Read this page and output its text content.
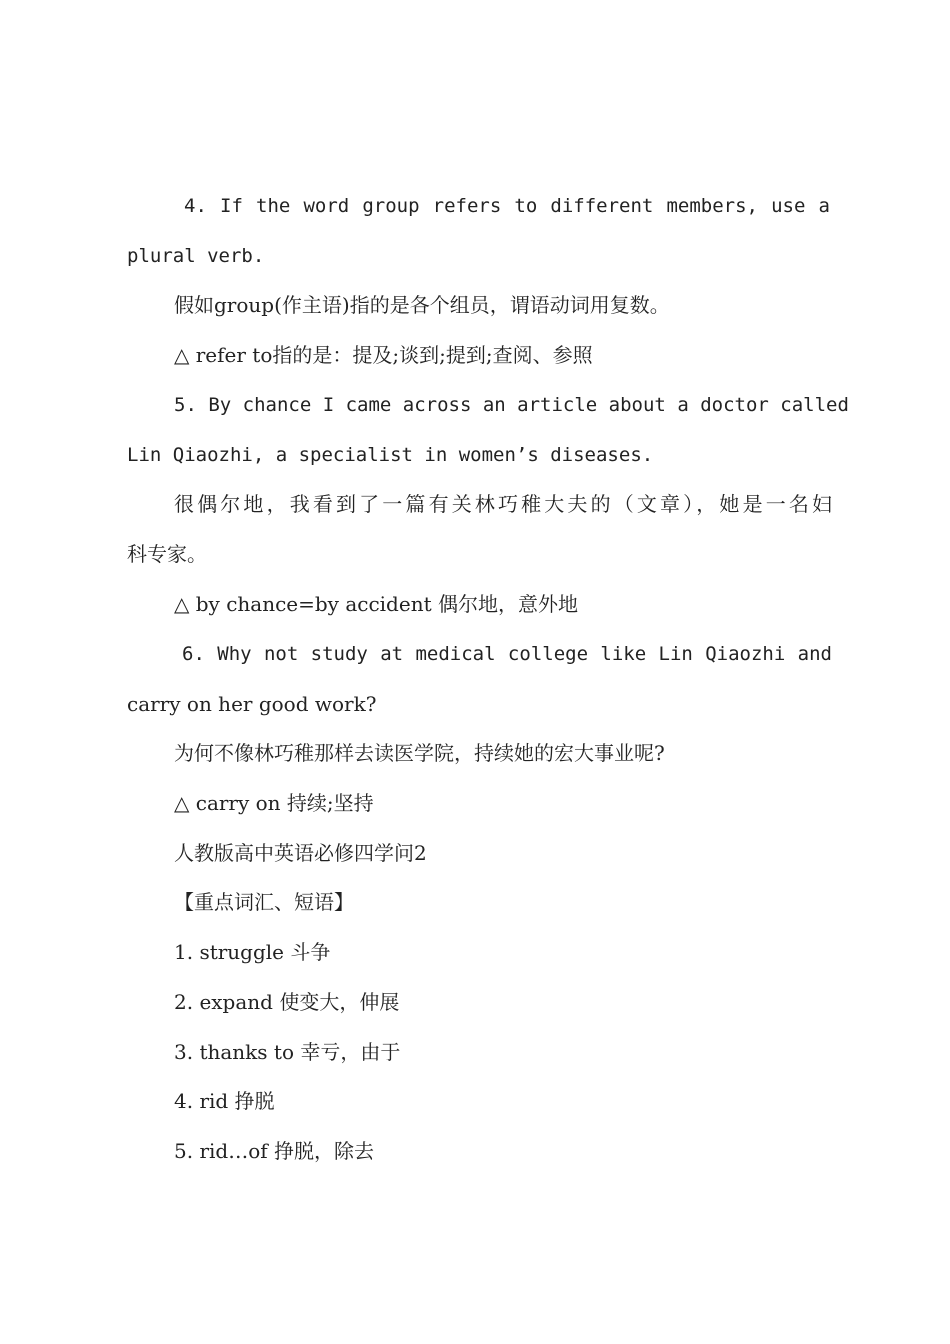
4. If the word group refers to different members, use a
plural verb.
假如group(作主语)指的是各个组员，谓语动词用复数。
△ refer to指的是：提及;谈到;提到;查阅、参照
5. By chance I came across an article about a doctor called
Lin Qiaozhi, a specialist in women’s diseases.
很偶尔地，我看到了一篇有关林巧稚大夫的（文章），她是一名妇
科专家。
△ by chance=by accident 偶尔地，意外地
6. Why not study at medical college like Lin Qiaozhi and
carry on her good work?
为何不像林巧稚那样去读医学院，持续她的宏大事业呢?
△ carry on 持续;坚持
人教版高中英语必修四学问2
【重点词汇、短语】
1. struggle 斗争
2. expand 使变大，伸展
3. thanks to 幸亏，由于
4. rid 挣脱
5. rid…of 挣脱，除去
